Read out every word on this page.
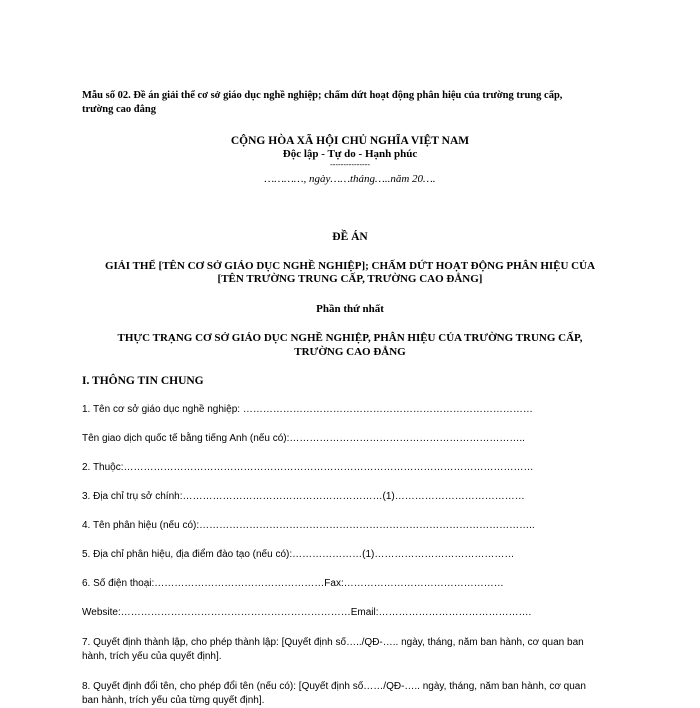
Mẫu số 02. Đề án giải thể cơ sở giáo dục nghề nghiệp; chấm dứt hoạt động phân hiệu của trường trung cấp,
trường cao đẳng
CỘNG HÒA XÃ HỘI CHỦ NGHĨA VIỆT NAM
Độc lập - Tự do - Hạnh phúc
---------------
…………, ngày……tháng…..năm 20….
ĐỀ ÁN
GIẢI THỂ [TÊN CƠ SỞ GIÁO DỤC NGHỀ NGHIỆP]; CHẤM DỨT HOẠT ĐỘNG PHÂN HIỆU CỦA
[TÊN TRƯỜNG TRUNG CẤP, TRƯỜNG CAO ĐẲNG]
Phần thứ nhất
THỰC TRẠNG CƠ SỞ GIÁO DỤC NGHỀ NGHIỆP, PHÂN HIỆU CỦA TRƯỜNG TRUNG CẤP,
TRƯỜNG CAO ĐẲNG
I. THÔNG TIN CHUNG
1. Tên cơ sở giáo dục nghề nghiệp: ……………………………………………………………………………
Tên giao dịch quốc tế bằng tiếng Anh (nếu có):……………………………………………………………..
2. Thuộc:……………………………………………………………………………………………………………
3. Địa chỉ trụ sở chính:……………………………………………………(1)…………………………………
4. Tên phân hiệu (nếu có):………………………………………………………………………………………..
5. Địa chỉ phân hiệu, địa điểm đào tạo (nếu có):…………………(1)……………………………………
6. Số điện thoại:……………………………………………Fax:…………………………………………
Website:……………………………………………………………Email:……………………………………….
7. Quyết định thành lập, cho phép thành lập: [Quyết định số…../QĐ-….. ngày, tháng, năm ban hành, cơ quan ban
hành, trích yếu của quyết định].
8. Quyết định đổi tên, cho phép đổi tên (nếu có): [Quyết định số……/QĐ-….. ngày, tháng, năm ban hành, cơ quan
ban hành, trích yếu của từng quyết định].
